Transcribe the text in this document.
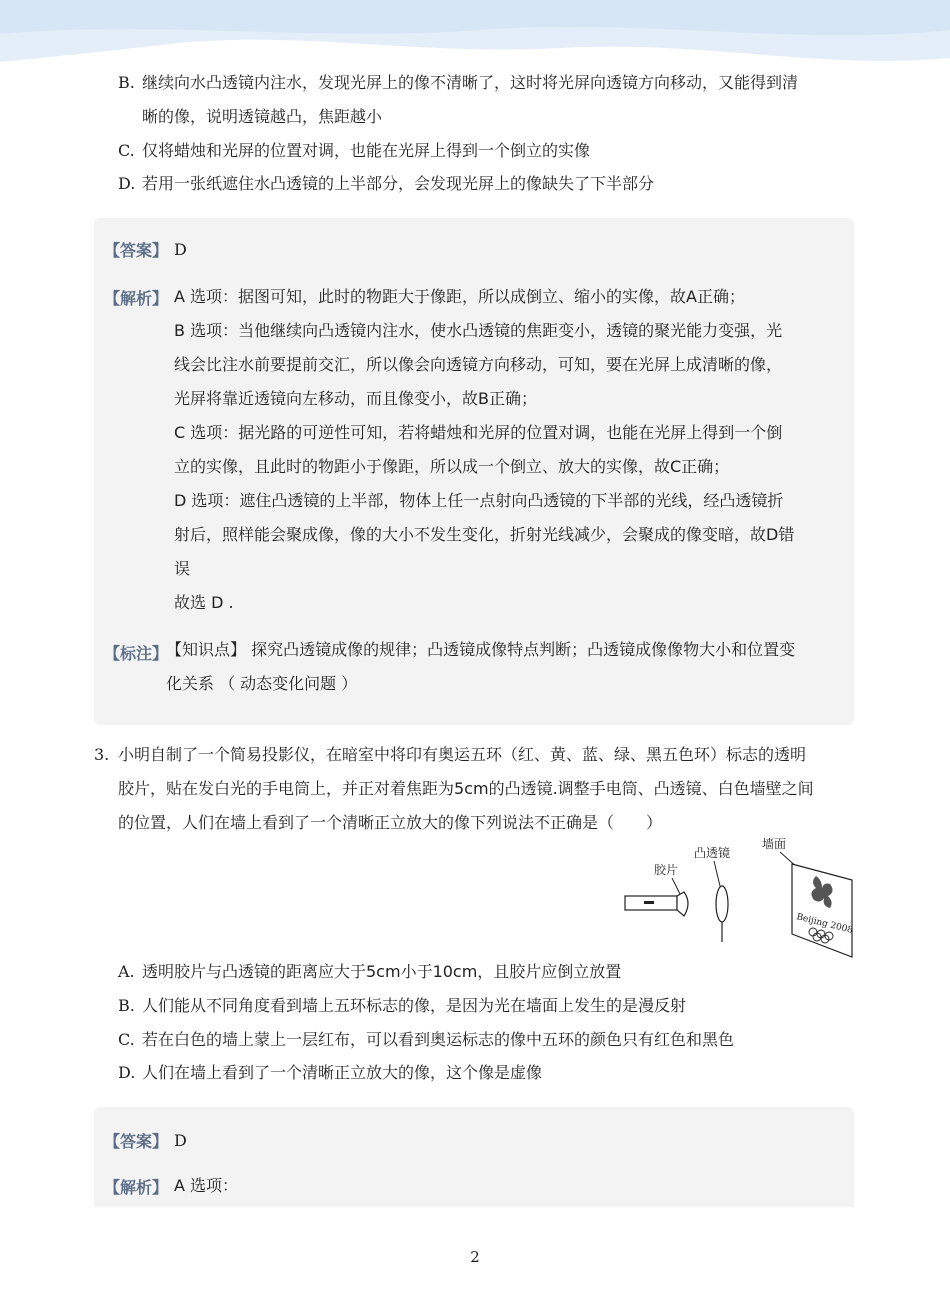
B. 继续向水凸透镜内注水，发现光屏上的像不清晰了，这时将光屏向透镜方向移动，又能得到清
晰的像，说明透镜越凸，焦距越小
C. 仅将蜡烛和光屏的位置对调，也能在光屏上得到一个倒立的实像
D. 若用一张纸遮住水凸透镜的上半部分，会发现光屏上的像缺失了下半部分
【答案】 D
【解析】 A 选项：据图可知，此时的物距大于像距，所以成倒立、缩小的实像，故A正确；
B 选项：当他继续向凸透镜内注水，使水凸透镜的焦距变小，透镜的聚光能力变强，光
线会比注水前要提前交汇，所以像会向透镜方向移动，可知，要在光屏上成清晰的像，
光屏将靠近透镜向左移动，而且像变小，故B正确；
C 选项：据光路的可逆性可知，若将蜡烛和光屏的位置对调，也能在光屏上得到一个倒
立的实像，且此时的物距小于像距，所以成一个倒立、放大的实像，故C正确；
D 选项：遮住凸透镜的上半部，物体上任一点射向凸透镜的下半部的光线，经凸透镜折
射后，照样能会聚成像，像的大小不发生变化，折射光线减少，会聚成的像变暗，故D错
误
故选 D .
【标注】
【知识点】 探究凸透镜成像的规律；凸透镜成像特点判断；凸透镜成像像物大小和位置变
化关系 （ 动态变化问题 ）
3. 小明自制了一个简易投影仪，在暗室中将印有奥运五环（红、黄、蓝、绿、黑五色环）标志的透明
胶片，贴在发白光的手电筒上，并正对着焦距为5cm的凸透镜.调整手电筒、凸透镜、白色墙壁之间
的位置，人们在墙上看到了一个清晰正立放大的像下列说法不正确是（　　）
胶片
凸透镜
墙面
Beijing 2008
A. 透明胶片与凸透镜的距离应大于5cm小于10cm，且胶片应倒立放置
B. 人们能从不同角度看到墙上五环标志的像，是因为光在墙面上发生的是漫反射
C. 若在白色的墙上蒙上一层红布，可以看到奥运标志的像中五环的颜色只有红色和黑色
D. 人们在墙上看到了一个清晰正立放大的像，这个像是虚像
【答案】 D
【解析】 A 选项：
2
